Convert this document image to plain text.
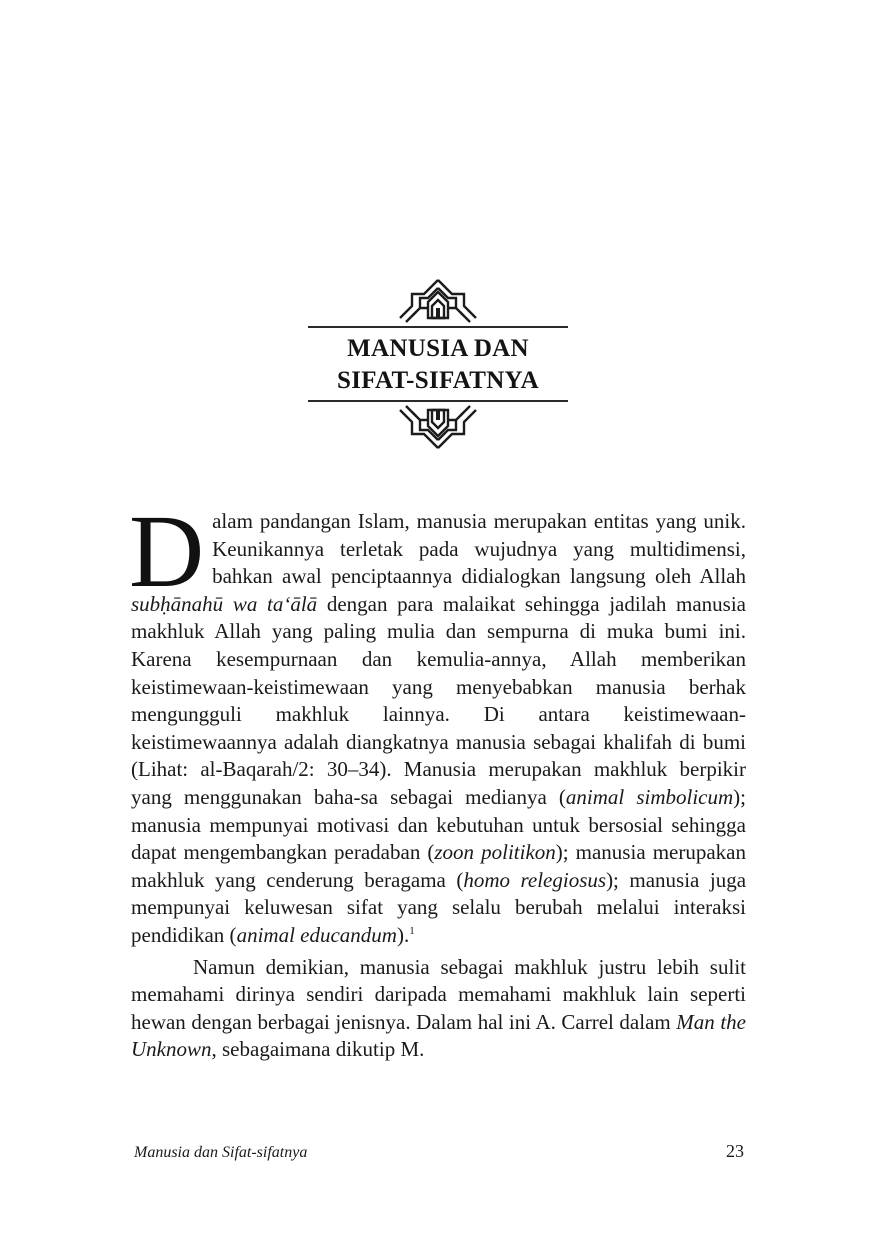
MANUSIA DAN
SIFAT-SIFATNYA

Dalam pandangan Islam, manusia merupakan entitas yang unik. Keunikannya terletak pada wujudnya yang multidimensi, bahkan awal penciptaannya didialogkan langsung oleh Allah subḥānahū wa taʻālā dengan para malaikat sehingga jadilah manusia makhluk Allah yang paling mulia dan sempurna di muka bumi ini. Karena kesempurnaan dan kemulia-annya, Allah memberikan keistimewaan-keistimewaan yang menyebabkan manusia berhak mengungguli makhluk lainnya. Di antara keistimewaan-keistimewaannya adalah diangkatnya manusia sebagai khalifah di bumi (Lihat: al-Baqarah/2: 30–34). Manusia merupakan makhluk berpikir yang menggunakan baha-sa sebagai medianya (animal simbolicum); manusia mempunyai motivasi dan kebutuhan untuk bersosial sehingga dapat mengembangkan peradaban (zoon politikon); manusia merupakan makhluk yang cenderung beragama (homo relegiosus); manusia juga mempunyai keluwesan sifat yang selalu berubah melalui interaksi pendidikan (animal educandum).$^1$

Namun demikian, manusia sebagai makhluk justru lebih sulit memahami dirinya sendiri daripada memahami makhluk lain seperti hewan dengan berbagai jenisnya. Dalam hal ini A. Carrel dalam Man the Unknown, sebagaimana dikutip M.

Manusia dan Sifat-sifatnya	23
